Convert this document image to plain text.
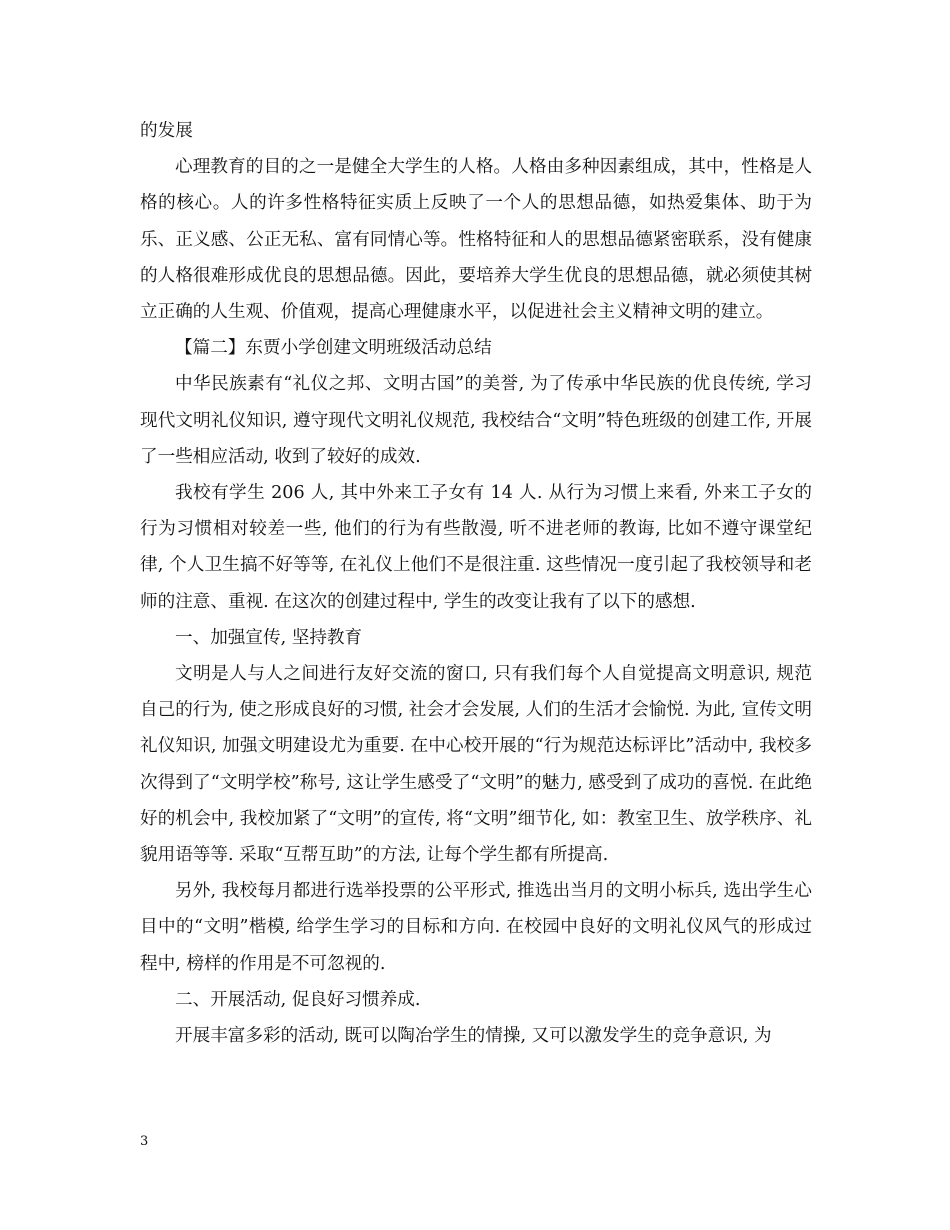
的发展

心理教育的目的之一是健全大学生的人格。人格由多种因素组成，其中，性格是人格的核心。人的许多性格特征实质上反映了一个人的思想品德，如热爱集体、助于为乐、正义感、公正无私、富有同情心等。性格特征和人的思想品德紧密联系，没有健康的人格很难形成优良的思想品德。因此，要培养大学生优良的思想品德，就必须使其树立正确的人生观、价值观，提高心理健康水平，以促进社会主义精神文明的建立。

【篇二】东贾小学创建文明班级活动总结

中华民族素有“礼仪之邦、文明古国”的美誉, 为了传承中华民族的优良传统, 学习现代文明礼仪知识, 遵守现代文明礼仪规范, 我校结合“文明”特色班级的创建工作, 开展了一些相应活动, 收到了较好的成效.

我校有学生 206 人, 其中外来工子女有 14 人. 从行为习惯上来看, 外来工子女的行为习惯相对较差一些, 他们的行为有些散漫, 听不进老师的教诲, 比如不遵守课堂纪律, 个人卫生搞不好等等, 在礼仪上他们不是很注重. 这些情况一度引起了我校领导和老师的注意、重视. 在这次的创建过程中, 学生的改变让我有了以下的感想.

一、加强宣传, 坚持教育

文明是人与人之间进行友好交流的窗口, 只有我们每个人自觉提高文明意识, 规范自己的行为, 使之形成良好的习惯, 社会才会发展, 人们的生活才会愉悦. 为此, 宣传文明礼仪知识, 加强文明建设尤为重要. 在中心校开展的“行为规范达标评比”活动中, 我校多次得到了“文明学校”称号, 这让学生感受了“文明”的魅力, 感受到了成功的喜悦. 在此绝好的机会中, 我校加紧了“文明”的宣传, 将“文明”细节化, 如：教室卫生、放学秩序、礼貌用语等等. 采取“互帮互助”的方法, 让每个学生都有所提高.

另外, 我校每月都进行选举投票的公平形式, 推选出当月的文明小标兵, 选出学生心目中的“文明”楷模, 给学生学习的目标和方向. 在校园中良好的文明礼仪风气的形成过程中, 榜样的作用是不可忽视的.

二、开展活动, 促良好习惯养成.

开展丰富多彩的活动, 既可以陶冶学生的情操, 又可以激发学生的竞争意识, 为

3
